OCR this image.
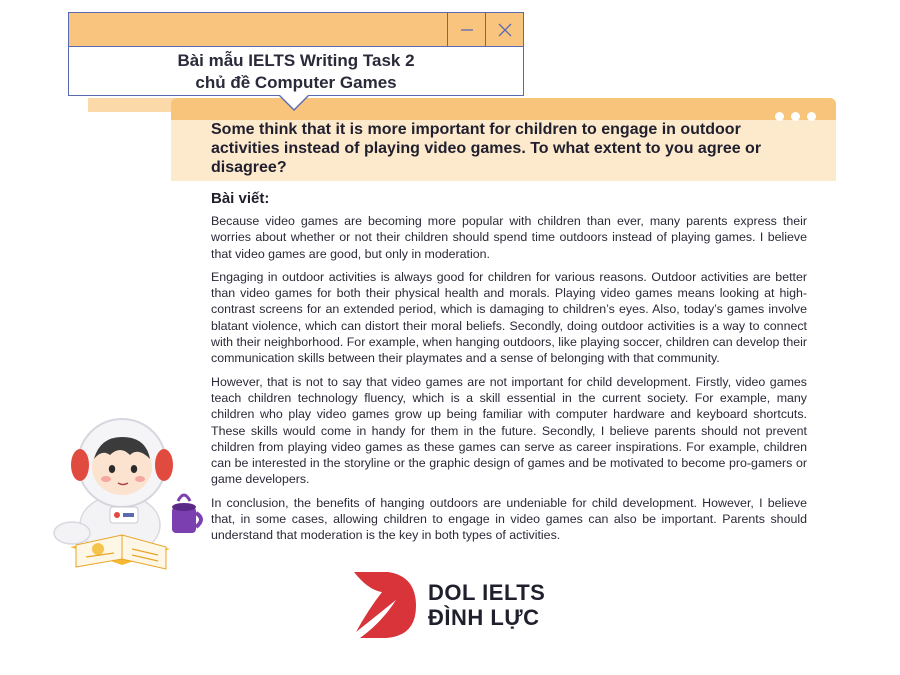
Some think that it is more important for children to engage in outdoor activities instead of playing video games. To what extent to you agree or disagree?
Bài mẫu IELTS Writing Task 2
chủ đề Computer Games
Bài viết:

Because video games are becoming more popular with children than ever, many parents express their worries about whether or not their children should spend time outdoors instead of playing games. I believe that video games are good, but only in moderation.

Engaging in outdoor activities is always good for children for various reasons. Outdoor activities are better than video games for both their physical health and morals. Playing video games means looking at high-contrast screens for an extended period, which is damaging to children’s eyes. Also, today’s games involve blatant violence, which can distort their moral beliefs. Secondly, doing outdoor activities is a way to connect with their neighborhood. For example, when hanging outdoors, like playing soccer, children can develop their communication skills between their playmates and a sense of belonging with that community.

However, that is not to say that video games are not important for child development. Firstly, video games teach children technology fluency, which is a skill essential in the current society. For example, many children who play video games grow up being familiar with computer hardware and keyboard shortcuts. These skills would come in handy for them in the future. Secondly, I believe parents should not prevent children from playing video games as these games can serve as career inspirations. For example, children can be interested in the storyline or the graphic design of games and be motivated to become pro-gamers or game developers.

In conclusion, the benefits of hanging outdoors are undeniable for child development. However, I believe that, in some cases, allowing children to engage in video games can also be important. Parents should understand that moderation is the key in both types of activities.

DOL IELTS
ĐÌNH LỰC
